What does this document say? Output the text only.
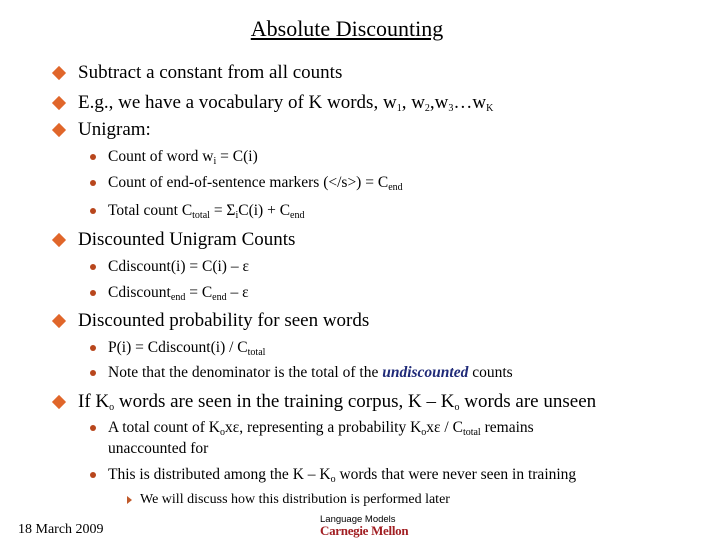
Absolute Discounting
Subtract a constant from all counts
E.g., we have a vocabulary of K words, $w_1$, $w_2,w_3\dots w_K$
Unigram:
Count of word $w_i = C(i)$
Count of end-of-sentence markers $(</s>) = C_{end}$
Total count $C_{total} = \Sigma_iC(i) + C_{end}$
Discounted Unigram Counts
Cdiscount(i) = C(i) – ε
Cdiscount$_{end}$ = $C_{end}$ – ε
Discounted probability for seen words
P(i) = Cdiscount(i) / $C_{total}$
Note that the denominator is the total of the undiscounted counts
If $K_o$ words are seen in the training corpus, K – $K_o$ words are unseen
A total count of $K_ox\varepsilon$, representing a probability $K_ox\varepsilon / C_{total}$ remains
unaccounted for
This is distributed among the K – $K_o$ words that were never seen in training
We will discuss how this distribution is performed later
18 March 2009
Language Models
Carnegie Mellon
